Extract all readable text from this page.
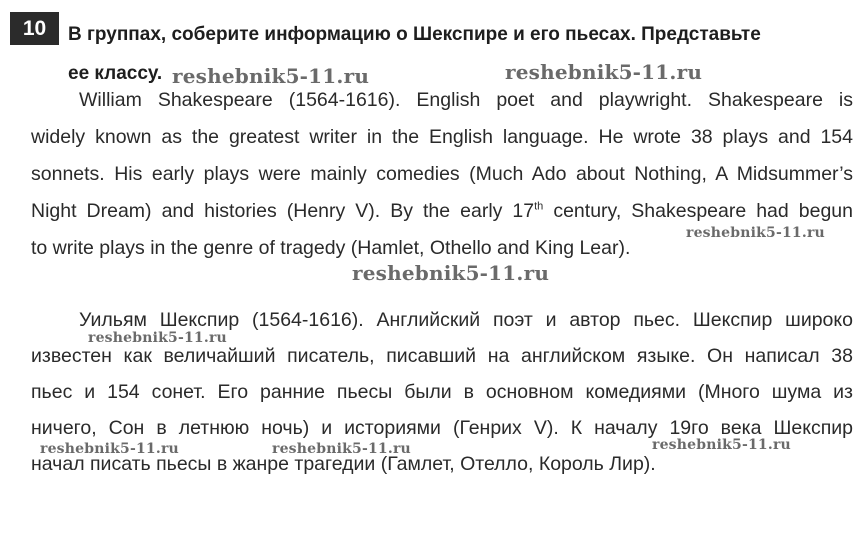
10 В группах, соберите информацию о Шекспире и его пьесах. Представьте

ее классу.
William Shakespeare (1564-1616). English poet and playwright. Shakespeare is
widely known as the greatest writer in the English language. He wrote 38 plays and 154
sonnets. His early plays were mainly comedies (Much Ado about Nothing, A Midsummer’s
Night Dream) and histories (Henry V). By the early 17th century, Shakespeare had begun
to write plays in the genre of tragedy (Hamlet, Othello and King Lear).
Уильям Шекспир (1564-1616). Английский поэт и автор пьес. Шекспир широко
известен как величайший писатель, писавший на английском языке. Он написал 38
пьес и 154 сонет. Его ранние пьесы были в основном комедиями (Много шума из
ничего, Сон в летнюю ночь) и историями (Генрих V). К началу 19го века Шекспир
начал писать пьесы в жанре трагедии (Гамлет, Отелло, Король Лир).
reshebnik5-11.ru	reshebnik5-11.ru
reshebnik5-11.ru
reshebnik5-11.ru
reshebnik5-11.ru
reshebnik5-11.ru	reshebnik5-11.ru	reshebnik5-11.ru
